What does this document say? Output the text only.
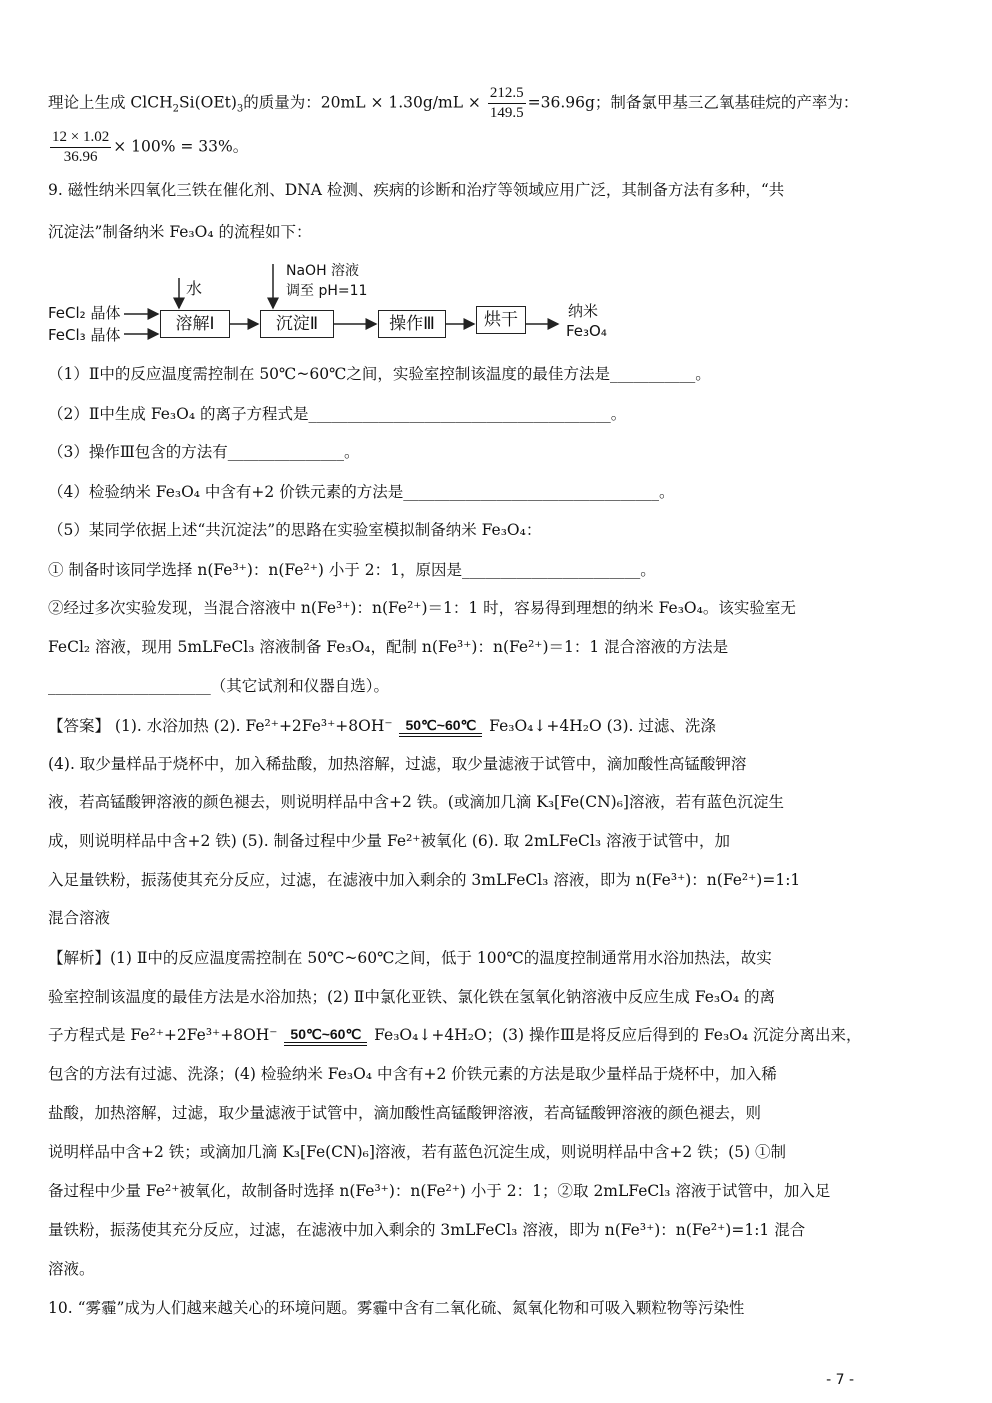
理论上生成 $ClCH_2Si(OEt)_3$的质量为：$20mL \times 1.30g/mL \times \frac{212.5}{149.5} =36.96g$；制备氯甲基三乙氧基硅烷的产率为：
$\frac{12 \times 1.02}{36.96} \times 100\% = 33\%$。
9. 磁性纳米四氧化三铁在催化剂、DNA 检测、疾病的诊断和治疗等领域应用广泛，其制备方法有多种，“共
沉淀法”制备纳米 Fe₃O₄ 的流程如下：
FeCl₂ 晶体
FeCl₃ 晶体
水
NaOH 溶液
调至 pH=11
溶解Ⅰ	沉淀Ⅱ	操作Ⅲ	烘干	纳米
Fe₃O₄
（1）Ⅱ中的反应温度需控制在 50℃~60℃之间，实验室控制该温度的最佳方法是___________。
（2）Ⅱ中生成 Fe₃O₄ 的离子方程式是_______________________________________。
（3）操作Ⅲ包含的方法有_______________。
（4）检验纳米 Fe₃O₄ 中含有+2 价铁元素的方法是_________________________________。
（5）某同学依据上述“共沉淀法”的思路在实验室模拟制备纳米 Fe₃O₄：
① 制备时该同学选择 n(Fe³⁺)：n(Fe²⁺) 小于 2：1，原因是_______________________。
②经过多次实验发现，当混合溶液中 n(Fe³⁺)：n(Fe²⁺)＝1：1 时，容易得到理想的纳米 Fe₃O₄。该实验室无
FeCl₂ 溶液，现用 5mLFeCl₃ 溶液制备 Fe₃O₄，配制 n(Fe³⁺)：n(Fe²⁺)＝1：1 混合溶液的方法是
_____________________（其它试剂和仪器自选）。
【答案】 (1). 水浴加热 (2). Fe²⁺+2Fe³⁺+8OH⁻ 50℃~60℃ Fe₃O₄↓+4H₂O (3). 过滤、洗涤
(4). 取少量样品于烧杯中，加入稀盐酸，加热溶解，过滤，取少量滤液于试管中，滴加酸性高锰酸钾溶
液，若高锰酸钾溶液的颜色褪去，则说明样品中含+2 铁。(或滴加几滴 K₃[Fe(CN)₆]溶液，若有蓝色沉淀生
成，则说明样品中含+2 铁) (5). 制备过程中少量 Fe²⁺被氧化 (6). 取 2mLFeCl₃ 溶液于试管中，加
入足量铁粉，振荡使其充分反应，过滤，在滤液中加入剩余的 3mLFeCl₃ 溶液，即为 n(Fe³⁺)：n(Fe²⁺)=1:1
混合溶液
【解析】(1) Ⅱ中的反应温度需控制在 50℃~60℃之间，低于 100℃的温度控制通常用水浴加热法，故实
验室控制该温度的最佳方法是水浴加热；(2) Ⅱ中氯化亚铁、氯化铁在氢氧化钠溶液中反应生成 Fe₃O₄ 的离
子方程式是 Fe²⁺+2Fe³⁺+8OH⁻ 50℃~60℃ Fe₃O₄↓+4H₂O；(3) 操作Ⅲ是将反应后得到的 Fe₃O₄ 沉淀分离出来，
包含的方法有过滤、洗涤；(4) 检验纳米 Fe₃O₄ 中含有+2 价铁元素的方法是取少量样品于烧杯中，加入稀
盐酸，加热溶解，过滤，取少量滤液于试管中，滴加酸性高锰酸钾溶液，若高锰酸钾溶液的颜色褪去，则
说明样品中含+2 铁；或滴加几滴 K₃[Fe(CN)₆]溶液，若有蓝色沉淀生成，则说明样品中含+2 铁；(5) ①制
备过程中少量 Fe²⁺被氧化，故制备时选择 n(Fe³⁺)：n(Fe²⁺) 小于 2：1；②取 2mLFeCl₃ 溶液于试管中，加入足
量铁粉，振荡使其充分反应，过滤，在滤液中加入剩余的 3mLFeCl₃ 溶液，即为 n(Fe³⁺)：n(Fe²⁺)=1:1 混合
溶液。
10. “雾霾”成为人们越来越关心的环境问题。雾霾中含有二氧化硫、氮氧化物和可吸入颗粒物等污染性
- 7 -
